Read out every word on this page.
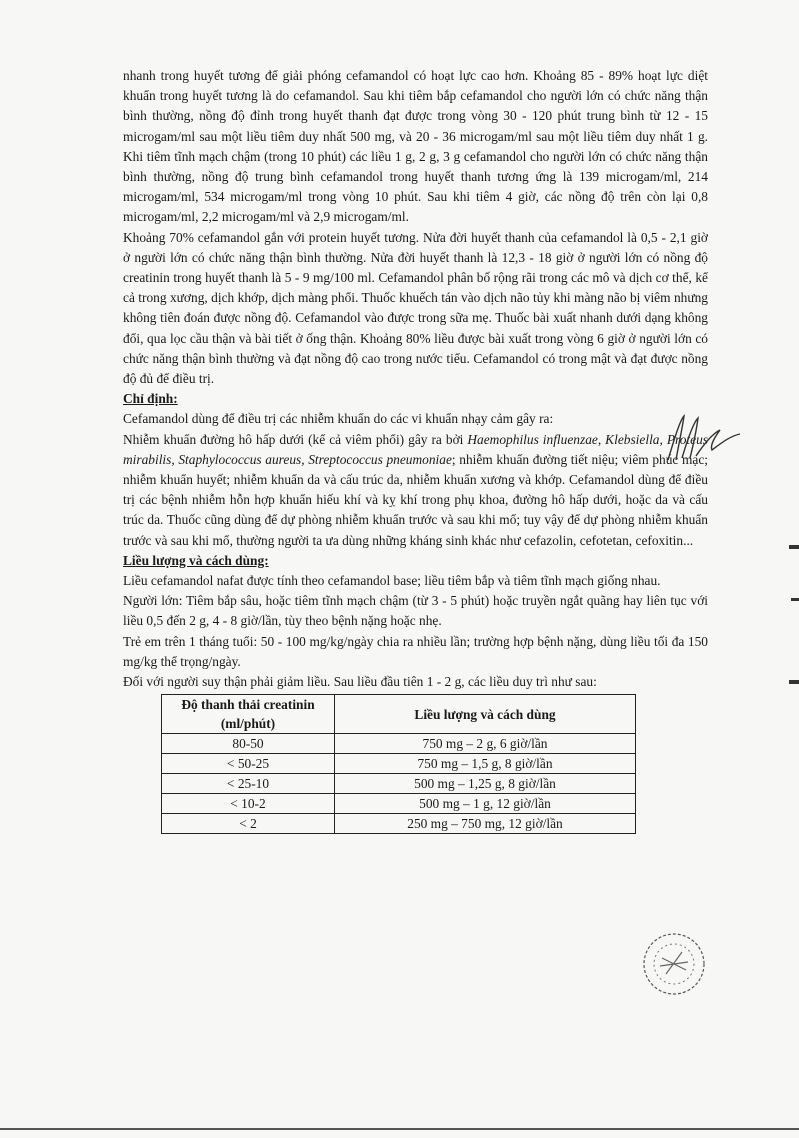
nhanh trong huyết tương để giải phóng cefamandol có hoạt lực cao hơn. Khoảng 85 - 89% hoạt lực diệt khuẩn trong huyết tương là do cefamandol. Sau khi tiêm bắp cefamandol cho người lớn có chức năng thận bình thường, nồng độ đỉnh trong huyết thanh đạt được trong vòng 30 - 120 phút trung bình từ 12 - 15 microgam/ml sau một liều tiêm duy nhất 500 mg, và 20 - 36 microgam/ml sau một liều tiêm duy nhất 1 g. Khi tiêm tĩnh mạch chậm (trong 10 phút) các liều 1 g, 2 g, 3 g cefamandol cho người lớn có chức năng thận bình thường, nồng độ trung bình cefamandol trong huyết thanh tương ứng là 139 microgam/ml, 214 microgam/ml, 534 microgam/ml trong vòng 10 phút. Sau khi tiêm 4 giờ, các nồng độ trên còn lại 0,8 microgam/ml, 2,2 microgam/ml và 2,9 microgam/ml.

Khoảng 70% cefamandol gắn với protein huyết tương. Nửa đời huyết thanh của cefamandol là 0,5 - 2,1 giờ ở người lớn có chức năng thận bình thường. Nửa đời huyết thanh là 12,3 - 18 giờ ở người lớn có nồng độ creatinin trong huyết thanh là 5 - 9 mg/100 ml. Cefamandol phân bố rộng rãi trong các mô và dịch cơ thể, kể cả trong xương, dịch khớp, dịch màng phổi. Thuốc khuếch tán vào dịch não tủy khi màng não bị viêm nhưng không tiên đoán được nồng độ. Cefamandol vào được trong sữa mẹ. Thuốc bài xuất nhanh dưới dạng không đổi, qua lọc cầu thận và bài tiết ở ống thận. Khoảng 80% liều được bài xuất trong vòng 6 giờ ở người lớn có chức năng thận bình thường và đạt nồng độ cao trong nước tiểu. Cefamandol có trong mật và đạt được nồng độ đủ để điều trị.

Chỉ định:

Cefamandol dùng để điều trị các nhiễm khuẩn do các vi khuẩn nhạy cảm gây ra:

Nhiễm khuẩn đường hô hấp dưới (kể cả viêm phổi) gây ra bởi Haemophilus influenzae, Klebsiella, Proteus mirabilis, Staphylococcus aureus, Streptococcus pneumoniae; nhiễm khuẩn đường tiết niệu; viêm phúc mạc; nhiễm khuẩn huyết; nhiễm khuẩn da và cấu trúc da, nhiễm khuẩn xương và khớp. Cefamandol dùng để điều trị các bệnh nhiễm hỗn hợp khuẩn hiếu khí và kỵ khí trong phụ khoa, đường hô hấp dưới, hoặc da và cấu trúc da. Thuốc cũng dùng để dự phòng nhiễm khuẩn trước và sau khi mổ; tuy vậy để dự phòng nhiễm khuẩn trước và sau khi mổ, thường người ta ưa dùng những kháng sinh khác như cefazolin, cefotetan, cefoxitin...

Liều lượng và cách dùng:

Liều cefamandol nafat được tính theo cefamandol base; liều tiêm bắp và tiêm tĩnh mạch giống nhau.

Người lớn: Tiêm bắp sâu, hoặc tiêm tĩnh mạch chậm (từ 3 - 5 phút) hoặc truyền ngắt quãng hay liên tục với liều 0,5 đến 2 g, 4 - 8 giờ/lần, tùy theo bệnh nặng hoặc nhẹ.

Trẻ em trên 1 tháng tuổi: 50 - 100 mg/kg/ngày chia ra nhiều lần; trường hợp bệnh nặng, dùng liều tối đa 150 mg/kg thể trọng/ngày.

Đối với người suy thận phải giảm liều. Sau liều đầu tiên 1 - 2 g, các liều duy trì như sau:

Độ thanh thải creatinin
(ml/phút)	Liều lượng và cách dùng
80-50	750 mg – 2 g, 6 giờ/lần
< 50-25	750 mg – 1,5 g, 8 giờ/lần
< 25-10	500 mg – 1,25 g, 8 giờ/lần
< 10-2	500 mg – 1 g, 12 giờ/lần
< 2	250 mg – 750 mg, 12 giờ/lần
